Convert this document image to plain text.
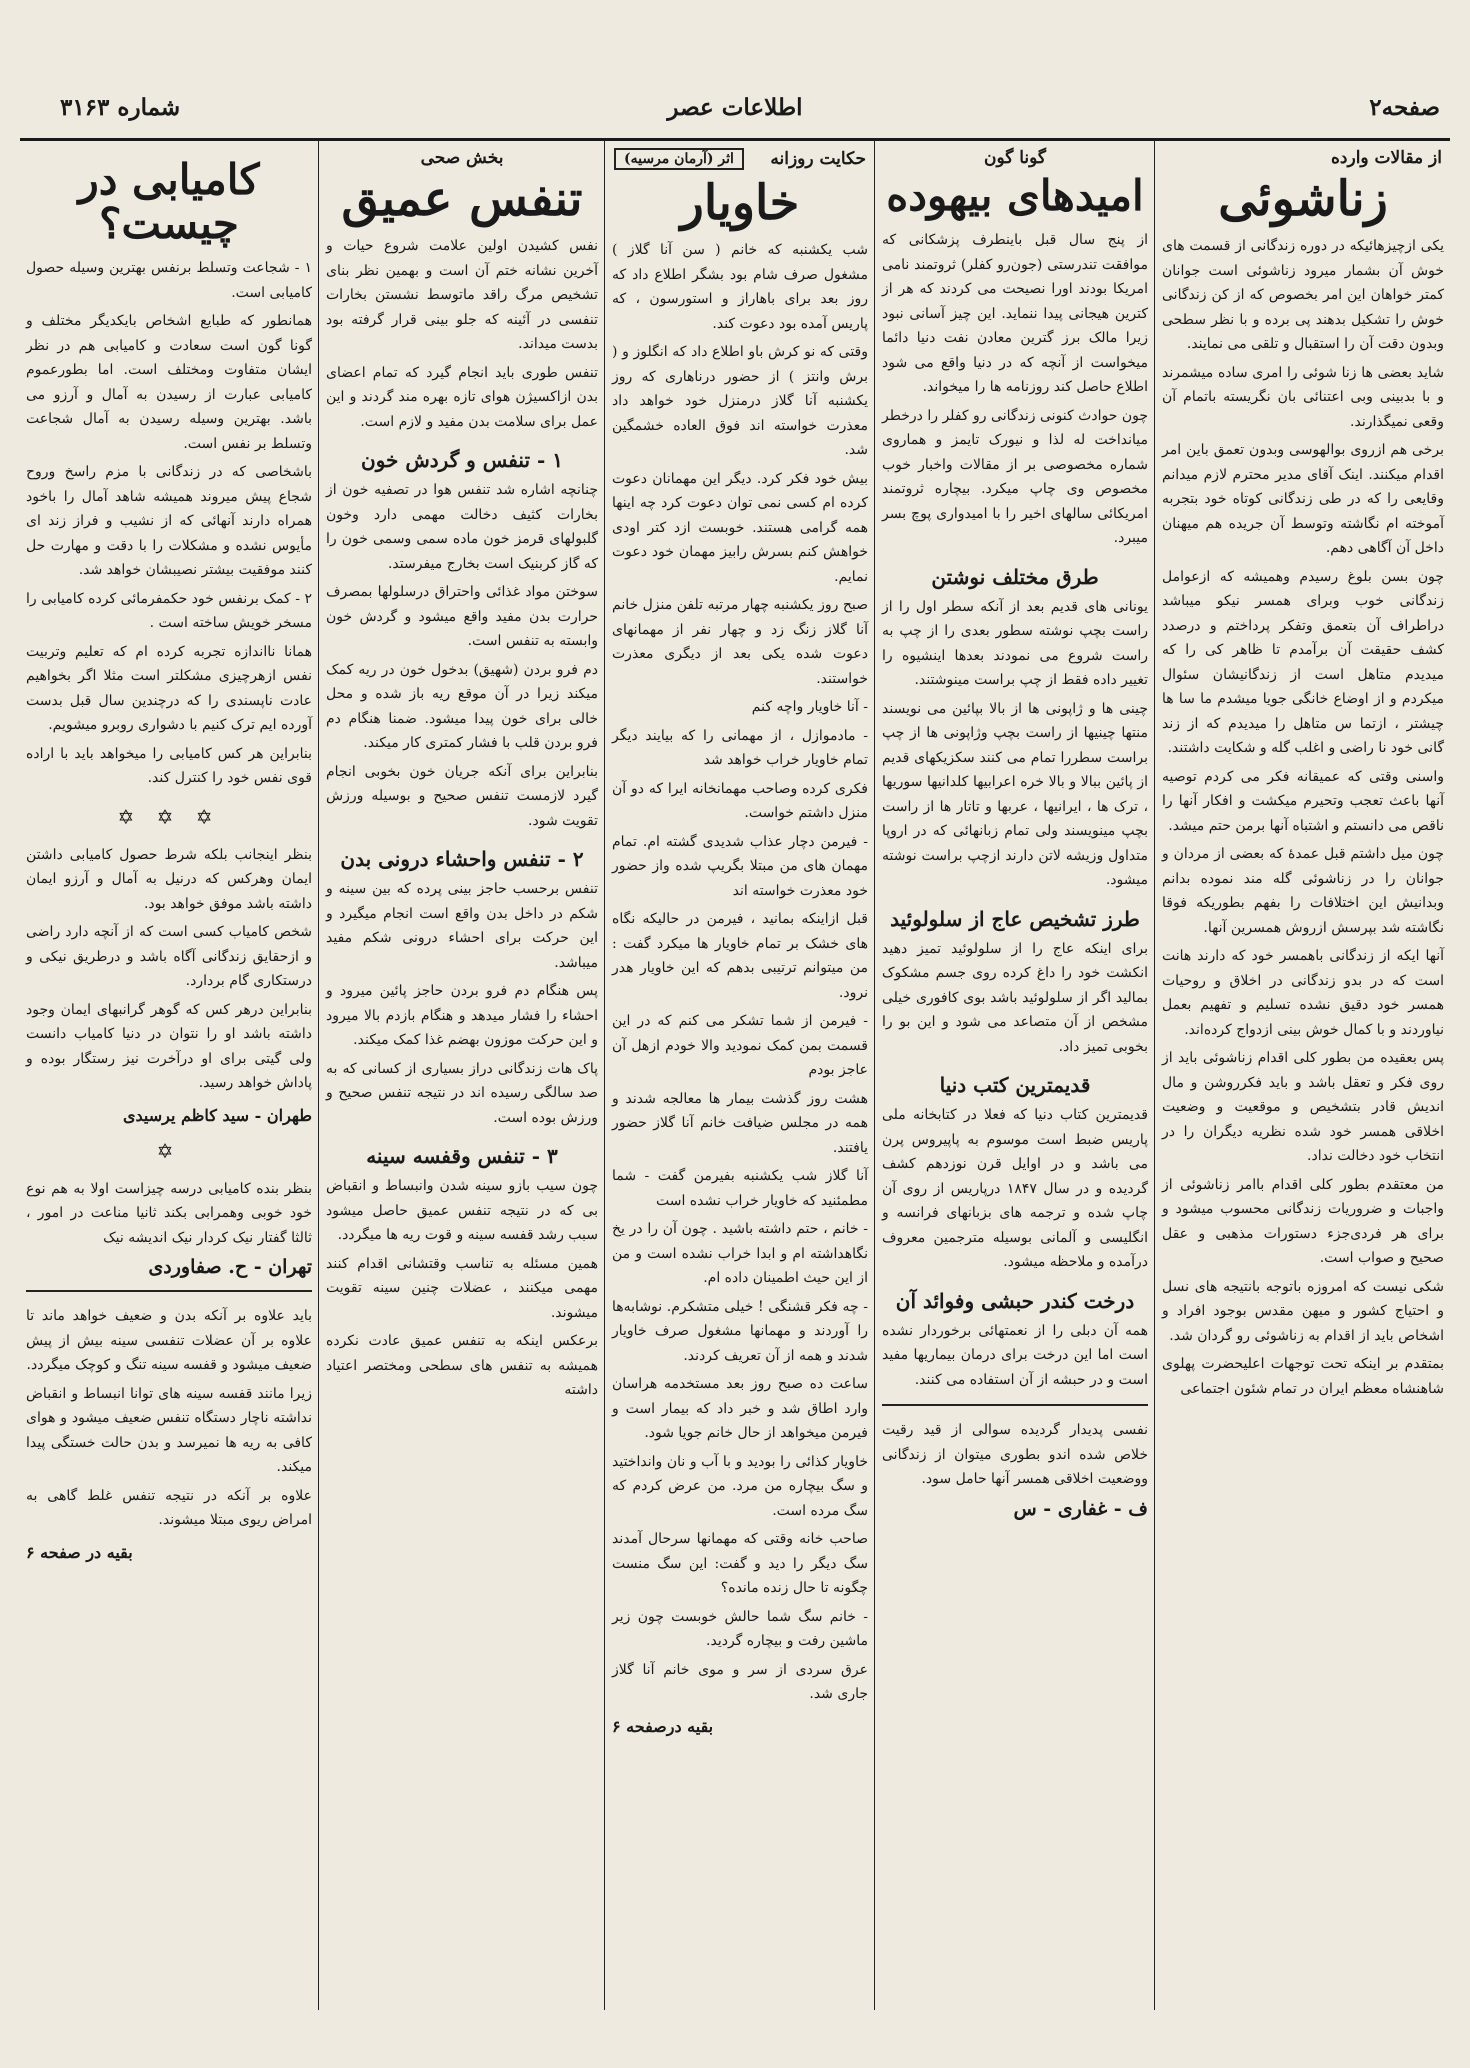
صفحه۲
اطلاعات عصر
شماره ۳۱۶۳
از مقالات وارده
زناشوئی

یکی ازچیزهائیکه در دوره زندگانی از قسمت های خوش آن بشمار میرود زناشوئی است جوانان کمتر خواهان این امر بخصوص که از کن زندگانی خوش را تشکیل بدهند پی برده و با نظر سطحی وبدون دقت آن را استقبال و تلقی می نمایند.

شاید بعضی ها زنا شوئی را امری ساده میشمرند و با بدبینی وبی اعتنائی بان نگریسته باتمام آن وقعی نمیگذارند.

برخی هم ازروی بوالهوسی وبدون تعمق باین امر اقدام میکنند. اینک آقای مدیر محترم لازم میدانم وقایعی را که در طی زندگانی کوتاه خود بتجربه آموخته ام نگاشته وتوسط آن جریده هم میهنان داخل آن آگاهی دهم.

چون بسن بلوغ رسیدم وهمیشه که ازعوامل زندگانی خوب وبرای همسر نیکو میباشد دراطراف آن بتعمق وتفکر پرداختم و درصدد کشف حقیقت آن برآمدم تا ظاهر کی را که میدیدم متاهل است از زندگانیشان سئوال میکردم و از اوضاع خانگی جویا میشدم ما سا ها چیشتر ، ازتما س متاهل را میدیدم که از زند گانی خود نا راضی و اغلب گله و شکایت داشتند.

واسنی وقتی که عمیقانه فکر می کردم توصیه آنها باعث تعجب وتحیرم میکشت و افکار آنها را ناقص می دانستم و اشتباه آنها برمن حتم میشد.

چون میل داشتم قبل عمدۀ که بعضی از مردان و جوانان را در زناشوئی گله مند نموده بدانم وبدانیش این اختلافات را بفهم بطوریکه فوقا نگاشته شد بپرسش ازروش همسرین آنها.

آنها ایکه از زندگانی باهمسر خود که دارند هانت است که در بدو زندگانی در اخلاق و روحیات همسر خود دقیق نشده تسلیم و تفهیم بعمل نیاوردند و با کمال خوش بینی ازدواج کرده‌اند.

پس بعقیده من بطور کلی اقدام زناشوئی باید از روی فکر و تعقل باشد و باید فکرروشن و مال اندیش قادر بتشخیص و موقعیت و وضعیت اخلاقی همسر خود شده نظریه دیگران را در انتخاب خود دخالت نداد.

من معتقدم بطور کلی اقدام باامر زناشوئی از واجبات و ضروریات زندگانی محسوب میشود و برای هر فردی‌جزء دستورات مذهبی و عقل صحیح و صواب است.

شکی نیست که امروزه باتوجه بانتیجه های نسل و احتیاج کشور و میهن مقدس بوجود افراد و اشخاص باید از اقدام به زناشوئی رو گردان شد.

بمتقدم بر اینکه تحت توجهات اعلیحضرت پهلوی شاهنشاه معظم ایران در تمام شئون اجتماعی

گونا گون
امیدهای بیهوده

از پنج سال قبل باینطرف پزشکانی که موافقت تندرستی (جون‌رو کفلر) ثروتمند نامی امریکا بودند اورا نصیحت می کردند که هر از کترین هیجانی پیدا ننماید. این چیز آسانی نبود زیرا مالک برز گترین معادن نفت دنیا دائما میخواست از آنچه که در دنیا واقع می شود اطلاع حاصل کند روزنامه ها را میخواند.

چون حوادث کنونی زندگانی رو کفلر را درخطر میانداخت له لذا و نیورک تایمز و هماروی شماره مخصوصی بر از مقالات واخبار خوب مخصوص وی چاپ میکرد. بیچاره ثروتمند امریکائی سالهای اخیر را با امیدواری پوچ بسر میبرد.

طرق مختلف نوشتن

یونانی های قدیم بعد از آنکه سطر اول را از راست بچپ نوشته سطور بعدی را از چپ به راست شروع می نمودند بعدها اینشیوه را تغییر داده فقط از چپ براست مینوشتند.

چینی ها و ژاپونی ها از بالا بپائین می نویسند منتها چینیها از راست بچپ وژاپونی ها از چپ براست سطررا تمام می کنند سکزیکهای قدیم از پائین ببالا و بالا خره اعرابیها کلدانیها سوریها ، ترک ها ، ایرانیها ، عربها و تاتار ها از راست بچپ مینویسند ولی تمام زبانهائی که در اروپا متداول وزیشه لاتن دارند ازچپ براست نوشته میشود.

طرز تشخیص عاج از سلولوئید

برای اینکه عاج را از سلولوئید تمیز دهید انکشت خود را داغ کرده روی جسم مشکوک بمالید اگر از سلولوئید باشد بوی کافوری خیلی مشخص از آن متصاعد می شود و این بو را بخوبی تمیز داد.

قدیمترین کتب دنیا

قدیمترین کتاب دنیا که فعلا در کتابخانه ملی پاریس ضبط است موسوم به پاپیروس پرن می باشد و در اوایل قرن نوزدهم کشف گردیده و در سال ۱۸۴۷ درپاریس از روی آن چاپ شده و ترجمه های بزبانهای فرانسه و انگلیسی و آلمانی بوسیله مترجمین معروف درآمده و ملاحظه میشود.

درخت کندر حبشی وفوائد آن

همه آن دبلی را از نعمتهائی برخوردار نشده است اما این درخت برای درمان بیماریها مفید است و در حبشه از آن استفاده می کنند.

نفسی پدیدار گردیده سوالی از قید رقیت خلاص شده اندو بطوری میتوان از زندگانی ووضعیت اخلاقی همسر آنها حامل سود.

ف - غفاری - س
حکایت روزانه
اثر (آرمان مرسیه)
خاویار

شب یکشنبه که خانم ( سن آنا گلاز ) مشغول صرف شام بود بشگر اطلاع داد که روز بعد برای باهاراز و استورسون ، که پاریس آمده بود دعوت کند.

وقتی که نو کرش باو اطلاع داد که انگلوز و ( برش وانتز ) از حضور درناهاری که روز یکشنبه آنا گلاز درمنزل خود خواهد داد معذرت خواسته اند فوق العاده خشمگین شد.

بیش خود فکر کرد. دیگر این مهمانان دعوت کرده ام کسی نمی توان دعوت کرد چه اینها همه گرامی هستند. خوبست ازد کتر اودی خواهش کنم بسرش رابیز مهمان خود دعوت نمایم.

صبح روز یکشنبه چهار مرتبه تلفن منزل خانم آنا گلاز زنگ زد و چهار نفر از مهمانهای دعوت شده یکی بعد از دیگری معذرت خواستند.

- آنا خاویار واچه کنم

- مادموازل ، از مهمانی را که بیایند دیگر تمام خاویار خراب خواهد شد

فکری کرده وصاحب مهمانخانه ایرا که دو آن منزل داشتم خواست.

- فیرمن دچار عذاب شدیدی گشته ام. تمام مهمان های من مبتلا بگریپ شده واز حضور خود معذرت خواسته اند

قبل ازاینکه بمانید ، فیرمن در حالیکه نگاه های خشک بر تمام خاویار ها میکرد گفت : من میتوانم ترتیبی بدهم که این خاویار هدر نرود.

- فیرمن از شما تشکر می کنم که در این قسمت بمن کمک نمودید والا خودم ازهل آن عاجز بودم

هشت روز گذشت بیمار ها معالجه شدند و همه در مجلس ضیافت خانم آنا گلاز حضور یافتند.

آنا گلاز شب یکشنبه بفیرمن گفت - شما مطمئنید که خاویار خراب نشده است

- خانم ، حتم داشته باشید . چون آن را در یخ نگاهداشته ام و ابدا خراب نشده است و من از این حیث اطمینان داده ام.

- چه فکر قشنگی ! خیلی متشکرم. نوشابه‌ها را آوردند و مهمانها مشغول صرف خاویار شدند و همه از آن تعریف کردند.

ساعت ده صبح روز بعد مستخدمه هراسان وارد اطاق شد و خبر داد که بیمار است و فیرمن میخواهد از حال خانم جویا شود.

خاویار کذائی را بودید و با آب و نان وانداختید و سگ بیچاره من مرد. من عرض کردم که سگ مرده است.

صاحب خانه وقتی که مهمانها سرحال آمدند سگ دیگر را دید و گفت: این سگ منست چگونه تا حال زنده مانده؟

- خانم سگ شما حالش خوبست چون زیر ماشین رفت و بیچاره گردید.

عرق سردی از سر و موی خانم آنا گلاز جاری شد.

بقیه درصفحه ۶
بخش صحی
تنفس عمیق

نفس کشیدن اولین علامت شروع حیات و آخرین نشانه ختم آن است و بهمین نظر بنای تشخیص مرگ راقد ماتوسط نشستن بخارات تنفسی در آئینه که جلو بینی قرار گرفته بود بدست میداند.

تنفس طوری باید انجام گیرد که تمام اعضای بدن ازاکسیژن هوای تازه بهره مند گردند و این عمل برای سلامت بدن مفید و لازم است.

۱ - تنفس و گردش خون

چنانچه اشاره شد تنفس هوا در تصفیه خون از بخارات کثیف دخالت مهمی دارد وخون گلبولهای قرمز خون ماده سمی وسمی خون را که گاز کربنیک است بخارج میفرستد.

سوختن مواد غذائی واحتراق درسلولها بمصرف حرارت بدن مفید واقع میشود و گردش خون وابسته به تنفس است.

دم فرو بردن (شهیق) بدخول خون در ریه کمک میکند زیرا در آن موقع ریه باز شده و محل خالی برای خون پیدا میشود. ضمنا هنگام دم فرو بردن قلب با فشار کمتری کار میکند.

بنابراین برای آنکه جریان خون بخوبی انجام گیرد لازمست تنفس صحیح و بوسیله ورزش تقویت شود.

۲ - تنفس واحشاء درونی بدن

تنفس برحسب حاجز بینی پرده که بین سینه و شکم در داخل بدن واقع است انجام میگیرد و این حرکت برای احشاء درونی شکم مفید میباشد.

پس هنگام دم فرو بردن حاجز پائین میرود و احشاء را فشار میدهد و هنگام بازدم بالا میرود و این حرکت موزون بهضم غذا کمک میکند.

پاک هات زندگانی دراز بسیاری از کسانی که به صد سالگی رسیده اند در نتیجه تنفس صحیح و ورزش بوده است.

۳ - تنفس وقفسه سینه

چون سیب بازو سینه شدن وانبساط و انقباض بی که در نتیجه تنفس عمیق حاصل میشود سبب رشد قفسه سینه و قوت ریه ها میگردد.

همین مسئله به تناسب وقتشانی اقدام کنند مهمی میکنند ، عضلات چنین سینه تقویت میشوند.

برعکس اینکه به تنفس عمیق عادت نکرده همیشه به تنفس های سطحی ومختصر اعتیاد داشته

کامیابی در چیست؟

۱ - شجاعت وتسلط برنفس بهترین وسیله حصول کامیابی است.

همانطور که طبایع اشخاص بایکدیگر مختلف و گونا گون است سعادت و کامیابی هم در نظر ایشان متفاوت ومختلف است. اما بطورعموم کامیابی عبارت از رسیدن به آمال و آرزو می باشد. بهترین وسیله رسیدن به آمال شجاعت وتسلط بر نفس است.

باشخاصی که در زندگانی با مزم راسخ وروح شجاع پیش میروند همیشه شاهد آمال را باخود همراه دارند آنهائی که از نشیب و فراز زند ای مأیوس نشده و مشکلات را با دقت و مهارت حل کنند موفقیت بیشتر نصیبشان خواهد شد.

۲ - کمک برنفس خود حکمفرمائی کرده کامیابی را مسخر خویش ساخته است .

همانا نااندازه تجربه کرده ام که تعلیم وتربیت نفس ازهرچیزی مشکلتر است مثلا اگر بخواهیم عادت ناپسندی را که درچندین سال قبل بدست آورده ایم ترک کنیم با دشواری روبرو میشویم.

بنابراین هر کس کامیابی را میخواهد باید با اراده قوی نفس خود را کنترل کند.

✡ ✡ ✡

بنظر اینجانب بلکه شرط حصول کامیابی داشتن ایمان وهرکس که درنیل به آمال و آرزو ایمان داشته باشد موفق خواهد بود.

شخص کامیاب کسی است که از آنچه دارد راضی و ازحقایق زندگانی آگاه باشد و درطریق نیکی و درستکاری گام بردارد.

بنابراین درهر کس که گوهر گرانبهای ایمان وجود داشته باشد او را نتوان در دنیا کامیاب دانست ولی گیتی برای او درآخرت نیز رستگار بوده و پاداش خواهد رسید.

طهران - سید کاظم یرسیدی
✡

بنظر بنده کامیابی درسه چیزاست اولا به هم نوع خود خوبی وهمرابی بکند ثانیا مناعت در امور ، ثالثا گفتار نیک کردار نیک اندیشه نیک

تهران - ح. صفاوردی

باید علاوه بر آنکه بدن و ضعیف خواهد ماند تا علاوه بر آن عضلات تنفسی سینه بیش از پیش ضعیف میشود و قفسه سینه تنگ و کوچک میگردد.

زیرا مانند قفسه سینه های توانا انبساط و انقباض نداشته ناچار دستگاه تنفس ضعیف میشود و هوای کافی به ریه ها نمیرسد و بدن حالت خستگی پیدا میکند.

علاوه بر آنکه در نتیجه تنفس غلط گاهی به امراض ریوی مبتلا میشوند.

بقیه در صفحه ۶
